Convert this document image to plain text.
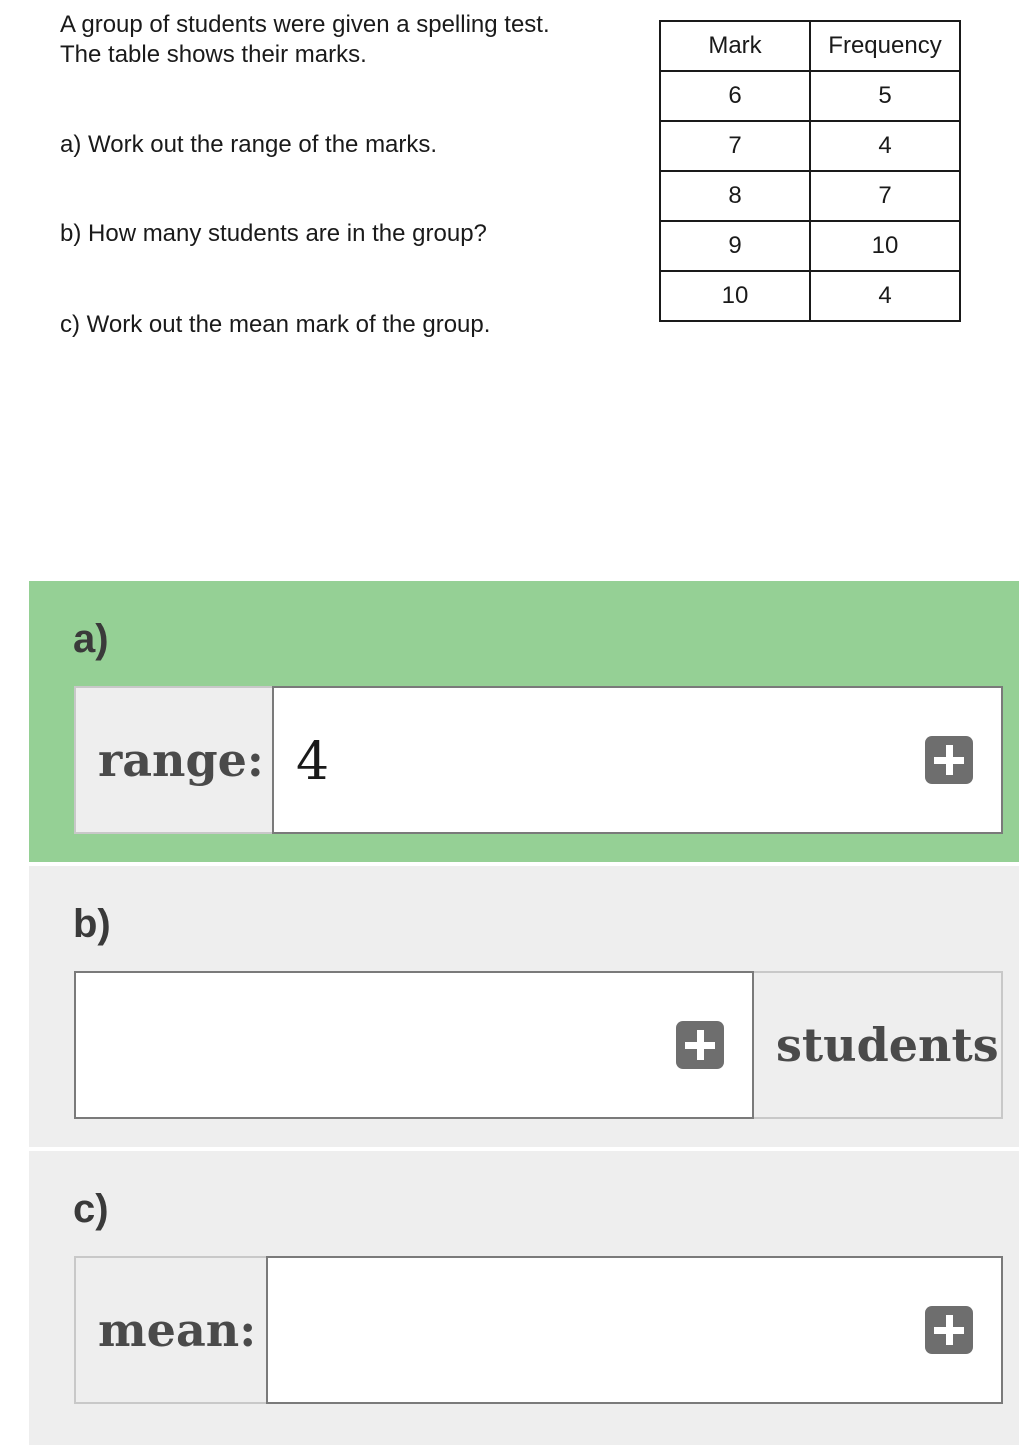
A group of students were given a spelling test.
The table shows their marks.
a) Work out the range of the marks.
b) How many students are in the group?
c) Work out the mean mark of the group.
Mark	Frequency
6	5
7	4
8	7
9	10
10	4
a)
range: 4
b)
students
c)
mean:
